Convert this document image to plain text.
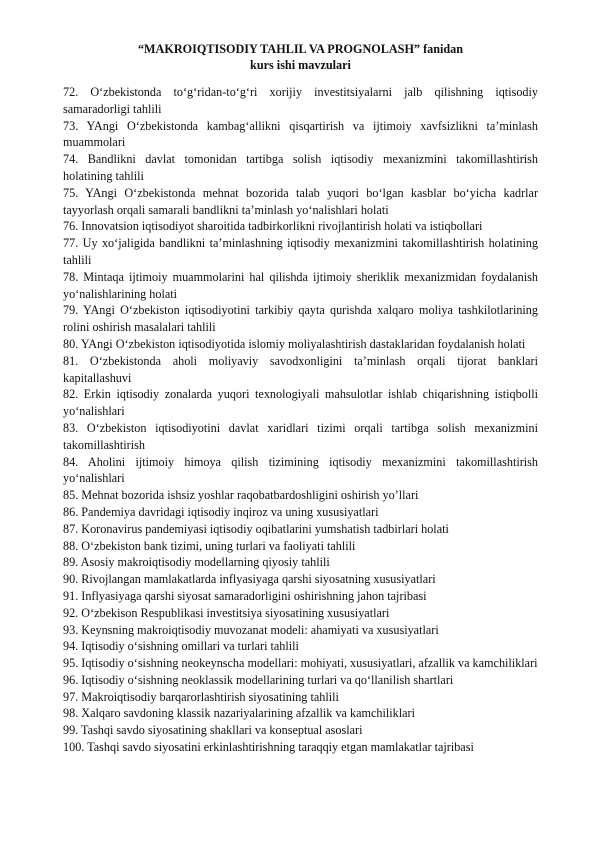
“MAKROIQTISODIY TAHLIL VA PROGNOLASH” fanidan

kurs ishi mavzulari

72. O‘zbekistonda to‘g‘ridan-to‘g‘ri xorijiy investitsiyalarni jalb qilishning iqtisodiy samaradorligi tahlili
73. YAngi O‘zbekistonda kambag‘allikni qisqartirish va ijtimoiy xavfsizlikni ta’minlash muammolari
74. Bandlikni davlat tomonidan tartibga solish iqtisodiy mexanizmini takomillashtirish holatining tahlili
75. YAngi O‘zbekistonda mehnat bozorida talab yuqori bo‘lgan kasblar bo‘yicha kadrlar tayyorlash orqali samarali bandlikni ta’minlash yo‘nalishlari holati
76. Innovatsion iqtisodiyot sharoitida tadbirkorlikni rivojlantirish holati va istiqbollari
77. Uy xo‘jaligida bandlikni ta’minlashning iqtisodiy mexanizmini takomillashtirish holatining tahlili
78. Mintaqa ijtimoiy muammolarini hal qilishda ijtimoiy sheriklik mexanizmidan foydalanish yo‘nalishlarining holati
79. YAngi O‘zbekiston iqtisodiyotini tarkibiy qayta qurishda xalqaro moliya tashkilotlarining rolini oshirish masalalari tahlili
80. YAngi O‘zbekiston iqtisodiyotida islomiy moliyalashtirish dastaklaridan foydalanish holati
81. O‘zbekistonda aholi moliyaviy savodxonligini ta’minlash orqali tijorat banklari kapitallashuvi
82. Erkin iqtisodiy zonalarda yuqori texnologiyali mahsulotlar ishlab chiqarishning istiqbolli yo‘nalishlari
83. O‘zbekiston iqtisodiyotini davlat xaridlari tizimi orqali tartibga solish mexanizmini takomillashtirish
84. Aholini ijtimoiy himoya qilish tizimining iqtisodiy mexanizmini takomillashtirish yo‘nalishlari
85. Mehnat bozorida ishsiz yoshlar raqobatbardoshligini oshirish yo’llari
86. Pandemiya davridagi iqtisodiy inqiroz va uning xususiyatlari
87. Koronavirus pandemiyasi iqtisodiy oqibatlarini yumshatish tadbirlari holati
88. O‘zbekiston bank tizimi, uning turlari va faoliyati tahlili
89. Asosiy makroiqtisodiy modellarning qiyosiy tahlili
90. Rivojlangan mamlakatlarda inflyasiyaga qarshi siyosatning xususiyatlari
91. Inflyasiyaga qarshi siyosat samaradorligini oshirishning jahon tajribasi
92. O‘zbekison Respublikasi investitsiya siyosatining xususiyatlari
93. Keynsning makroiqtisodiy muvozanat modeli: ahamiyati va xususiyatlari
94. Iqtisodiy o‘sishning omillari va turlari tahlili
95. Iqtisodiy o‘sishning neokeynscha modellari: mohiyati, xususiyatlari, afzallik va kamchiliklari
96. Iqtisodiy o‘sishning neoklassik modellarining turlari va qo‘llanilish shartlari
97. Makroiqtisodiy barqarorlashtirish siyosatining tahlili
98. Xalqaro savdoning klassik nazariyalarining afzallik va kamchiliklari
99. Tashqi savdo siyosatining shakllari va konseptual asoslari
100. Tashqi savdo siyosatini erkinlashtirishning taraqqiy etgan mamlakatlar tajribasi
